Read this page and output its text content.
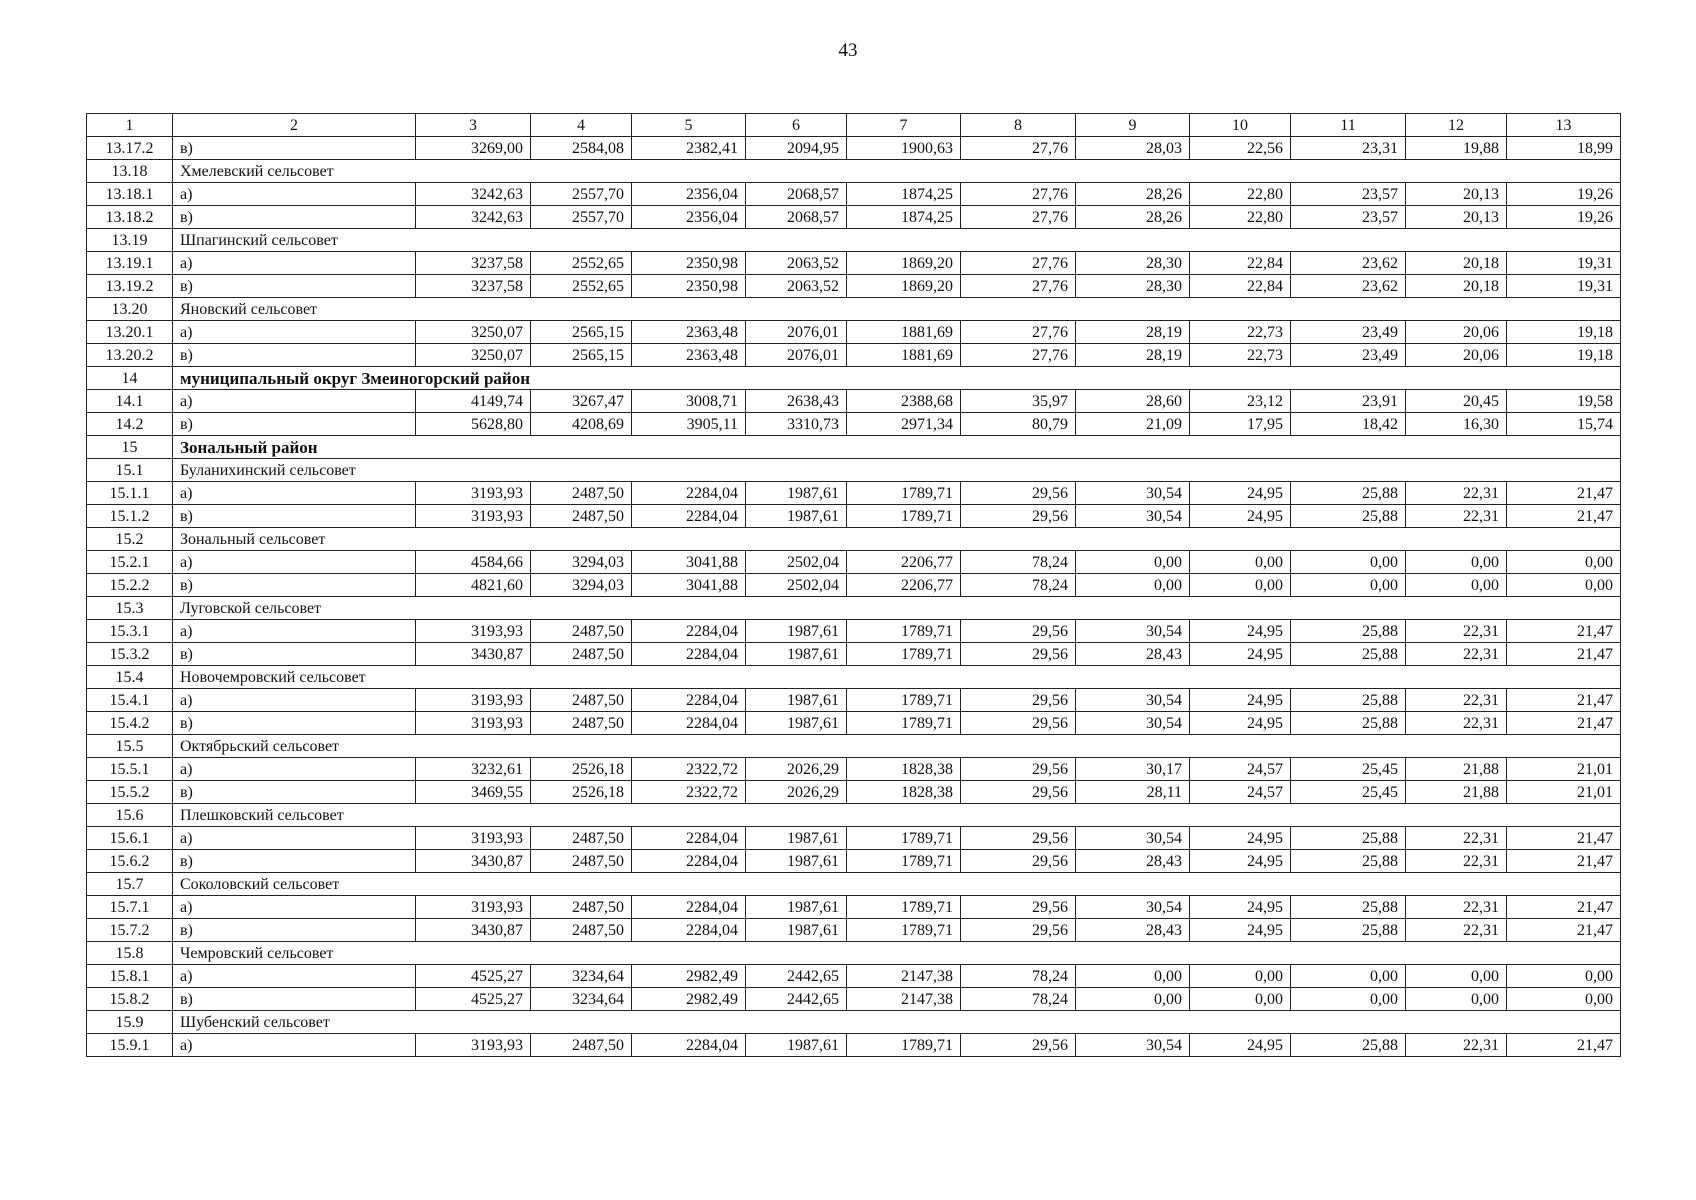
43
1	2	3	4	5	6	7	8	9	10	11	12	13
13.17.2	в)	3269,00	2584,08	2382,41	2094,95	1900,63	27,76	28,03	22,56	23,31	19,88	18,99
13.18	Хмелевский сельсовет											
13.18.1	а)	3242,63	2557,70	2356,04	2068,57	1874,25	27,76	28,26	22,80	23,57	20,13	19,26
13.18.2	в)	3242,63	2557,70	2356,04	2068,57	1874,25	27,76	28,26	22,80	23,57	20,13	19,26
13.19	Шпагинский сельсовет											
13.19.1	а)	3237,58	2552,65	2350,98	2063,52	1869,20	27,76	28,30	22,84	23,62	20,18	19,31
13.19.2	в)	3237,58	2552,65	2350,98	2063,52	1869,20	27,76	28,30	22,84	23,62	20,18	19,31
13.20	Яновский сельсовет											
13.20.1	а)	3250,07	2565,15	2363,48	2076,01	1881,69	27,76	28,19	22,73	23,49	20,06	19,18
13.20.2	в)	3250,07	2565,15	2363,48	2076,01	1881,69	27,76	28,19	22,73	23,49	20,06	19,18
14	муниципальный округ Змеиногорский район											
14.1	а)	4149,74	3267,47	3008,71	2638,43	2388,68	35,97	28,60	23,12	23,91	20,45	19,58
14.2	в)	5628,80	4208,69	3905,11	3310,73	2971,34	80,79	21,09	17,95	18,42	16,30	15,74
15	Зональный район											
15.1	Буланихинский сельсовет											
15.1.1	а)	3193,93	2487,50	2284,04	1987,61	1789,71	29,56	30,54	24,95	25,88	22,31	21,47
15.1.2	в)	3193,93	2487,50	2284,04	1987,61	1789,71	29,56	30,54	24,95	25,88	22,31	21,47
15.2	Зональный сельсовет											
15.2.1	а)	4584,66	3294,03	3041,88	2502,04	2206,77	78,24	0,00	0,00	0,00	0,00	0,00
15.2.2	в)	4821,60	3294,03	3041,88	2502,04	2206,77	78,24	0,00	0,00	0,00	0,00	0,00
15.3	Луговской сельсовет											
15.3.1	а)	3193,93	2487,50	2284,04	1987,61	1789,71	29,56	30,54	24,95	25,88	22,31	21,47
15.3.2	в)	3430,87	2487,50	2284,04	1987,61	1789,71	29,56	28,43	24,95	25,88	22,31	21,47
15.4	Новочемровский сельсовет											
15.4.1	а)	3193,93	2487,50	2284,04	1987,61	1789,71	29,56	30,54	24,95	25,88	22,31	21,47
15.4.2	в)	3193,93	2487,50	2284,04	1987,61	1789,71	29,56	30,54	24,95	25,88	22,31	21,47
15.5	Октябрьский сельсовет											
15.5.1	а)	3232,61	2526,18	2322,72	2026,29	1828,38	29,56	30,17	24,57	25,45	21,88	21,01
15.5.2	в)	3469,55	2526,18	2322,72	2026,29	1828,38	29,56	28,11	24,57	25,45	21,88	21,01
15.6	Плешковский сельсовет											
15.6.1	а)	3193,93	2487,50	2284,04	1987,61	1789,71	29,56	30,54	24,95	25,88	22,31	21,47
15.6.2	в)	3430,87	2487,50	2284,04	1987,61	1789,71	29,56	28,43	24,95	25,88	22,31	21,47
15.7	Соколовский сельсовет											
15.7.1	а)	3193,93	2487,50	2284,04	1987,61	1789,71	29,56	30,54	24,95	25,88	22,31	21,47
15.7.2	в)	3430,87	2487,50	2284,04	1987,61	1789,71	29,56	28,43	24,95	25,88	22,31	21,47
15.8	Чемровский сельсовет											
15.8.1	а)	4525,27	3234,64	2982,49	2442,65	2147,38	78,24	0,00	0,00	0,00	0,00	0,00
15.8.2	в)	4525,27	3234,64	2982,49	2442,65	2147,38	78,24	0,00	0,00	0,00	0,00	0,00
15.9	Шубенский сельсовет											
15.9.1	а)	3193,93	2487,50	2284,04	1987,61	1789,71	29,56	30,54	24,95	25,88	22,31	21,47
